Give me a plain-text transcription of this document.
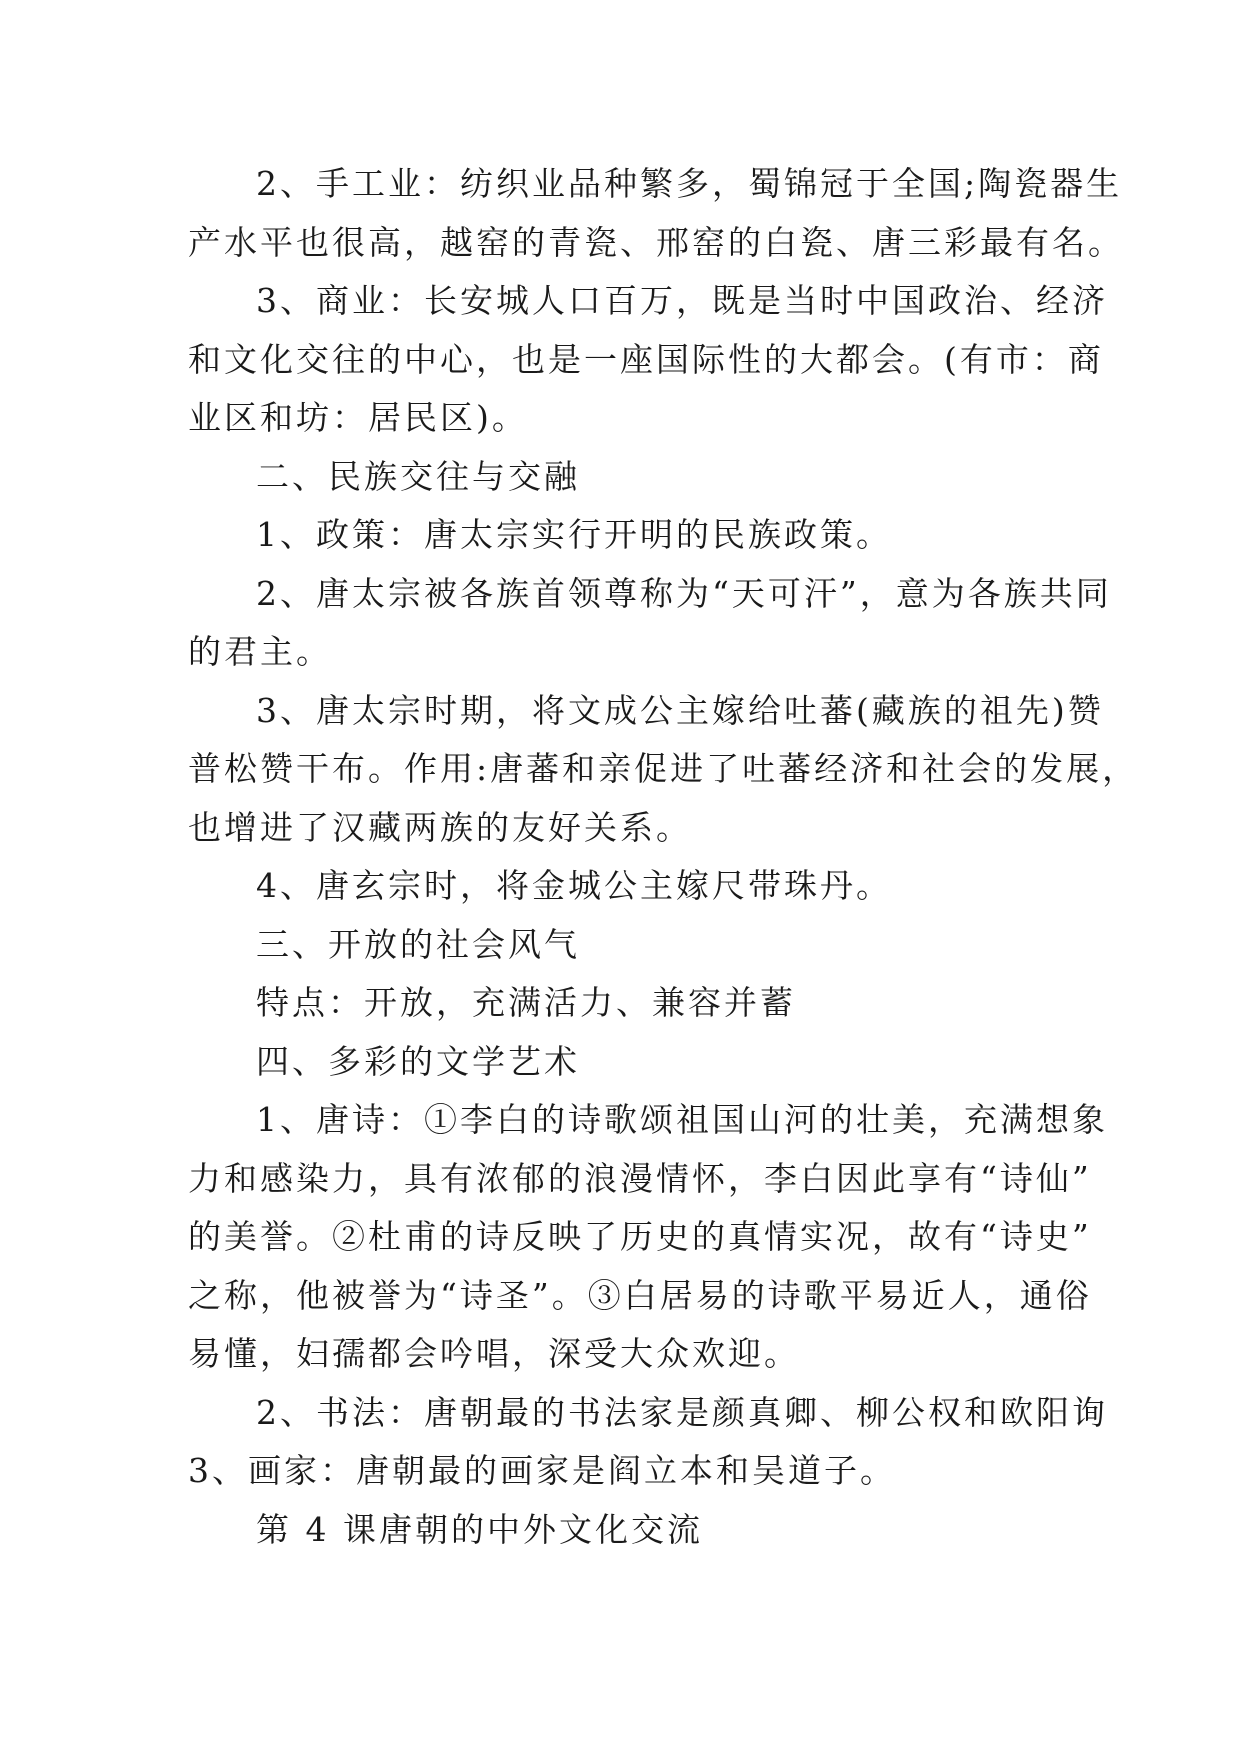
2、手工业：纺织业品种繁多，蜀锦冠于全国;陶瓷器生
产水平也很高，越窑的青瓷、邢窑的白瓷、唐三彩最有名。
3、商业：长安城人口百万，既是当时中国政治、经济
和文化交往的中心，也是一座国际性的大都会。(有市：商
业区和坊：居民区)。
二、民族交往与交融
1、政策：唐太宗实行开明的民族政策。
2、唐太宗被各族首领尊称为“天可汗”，意为各族共同
的君主。
3、唐太宗时期，将文成公主嫁给吐蕃(藏族的祖先)赞
普松赞干布。作用:唐蕃和亲促进了吐蕃经济和社会的发展，
也增进了汉藏两族的友好关系。
4、唐玄宗时，将金城公主嫁尺带珠丹。
三、开放的社会风气
特点：开放，充满活力、兼容并蓄
四、多彩的文学艺术
1、唐诗：①李白的诗歌颂祖国山河的壮美，充满想象
力和感染力，具有浓郁的浪漫情怀，李白因此享有“诗仙”
的美誉。②杜甫的诗反映了历史的真情实况，故有“诗史”
之称，他被誉为“诗圣”。③白居易的诗歌平易近人，通俗
易懂，妇孺都会吟唱，深受大众欢迎。
2、书法：唐朝最的书法家是颜真卿、柳公权和欧阳询
3、画家：唐朝最的画家是阎立本和吴道子。
第 4 课唐朝的中外文化交流
